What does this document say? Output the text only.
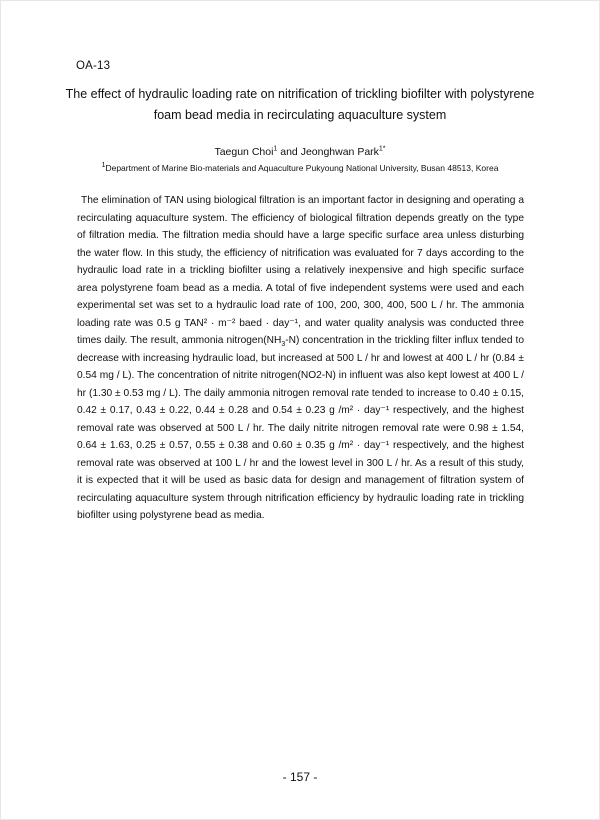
OA-13
The effect of hydraulic loading rate on nitrification of trickling biofilter with polystyrene
foam bead media in recirculating aquaculture system
Taegun Choi$^1$ and Jeonghwan Park$^{1*}$
$^1$Department of Marine Bio-materials and Aquaculture Pukyoung National University, Busan 48513, Korea

The elimination of TAN using biological filtration is an important factor in designing and operating a recirculating aquaculture system. The efficiency of biological filtration depends greatly on the type of filtration media. The filtration media should have a large specific surface area unless disturbing the water flow. In this study, the efficiency of nitrification was evaluated for 7 days according to the hydraulic load rate in a trickling biofilter using a relatively inexpensive and high specific surface area polystyrene foam bead as a media. A total of five independent systems were used and each experimental set was set to a hydraulic load rate of 100, 200, 300, 400, 500 L / hr. The ammonia loading rate was 0.5 g TAN² · m⁻² baed · day⁻¹, and water quality analysis was conducted three times daily. The result, ammonia $nitrogen(NH_3-N)$ concentration in the trickling filter influx tended to decrease with increasing hydraulic load, but increased at 500 L / hr and lowest at 400 L / hr (0.84 ± 0.54 mg / L). The concentration of nitrite nitrogen(NO2-N) in influent was also kept lowest at 400 L / hr (1.30 ± 0.53 mg / L). The daily ammonia nitrogen removal rate tended to increase to 0.40 ± 0.15, 0.42 ± 0.17, 0.43 ± 0.22, 0.44 ± 0.28 and 0.54 ± 0.23 g /m² · day⁻¹ respectively, and the highest removal rate was observed at 500 L / hr. The daily nitrite nitrogen removal rate were 0.98 ± 1.54, 0.64 ± 1.63, 0.25 ± 0.57, 0.55 ± 0.38 and 0.60 ± 0.35 g /m² · day⁻¹ respectively, and the highest removal rate was observed at 100 L / hr and the lowest level in 300 L / hr. As a result of this study, it is expected that it will be used as basic data for design and management of filtration system of recirculating aquaculture system through nitrification efficiency by hydraulic loading rate in trickling biofilter using polystyrene bead as media.

- 157 -
